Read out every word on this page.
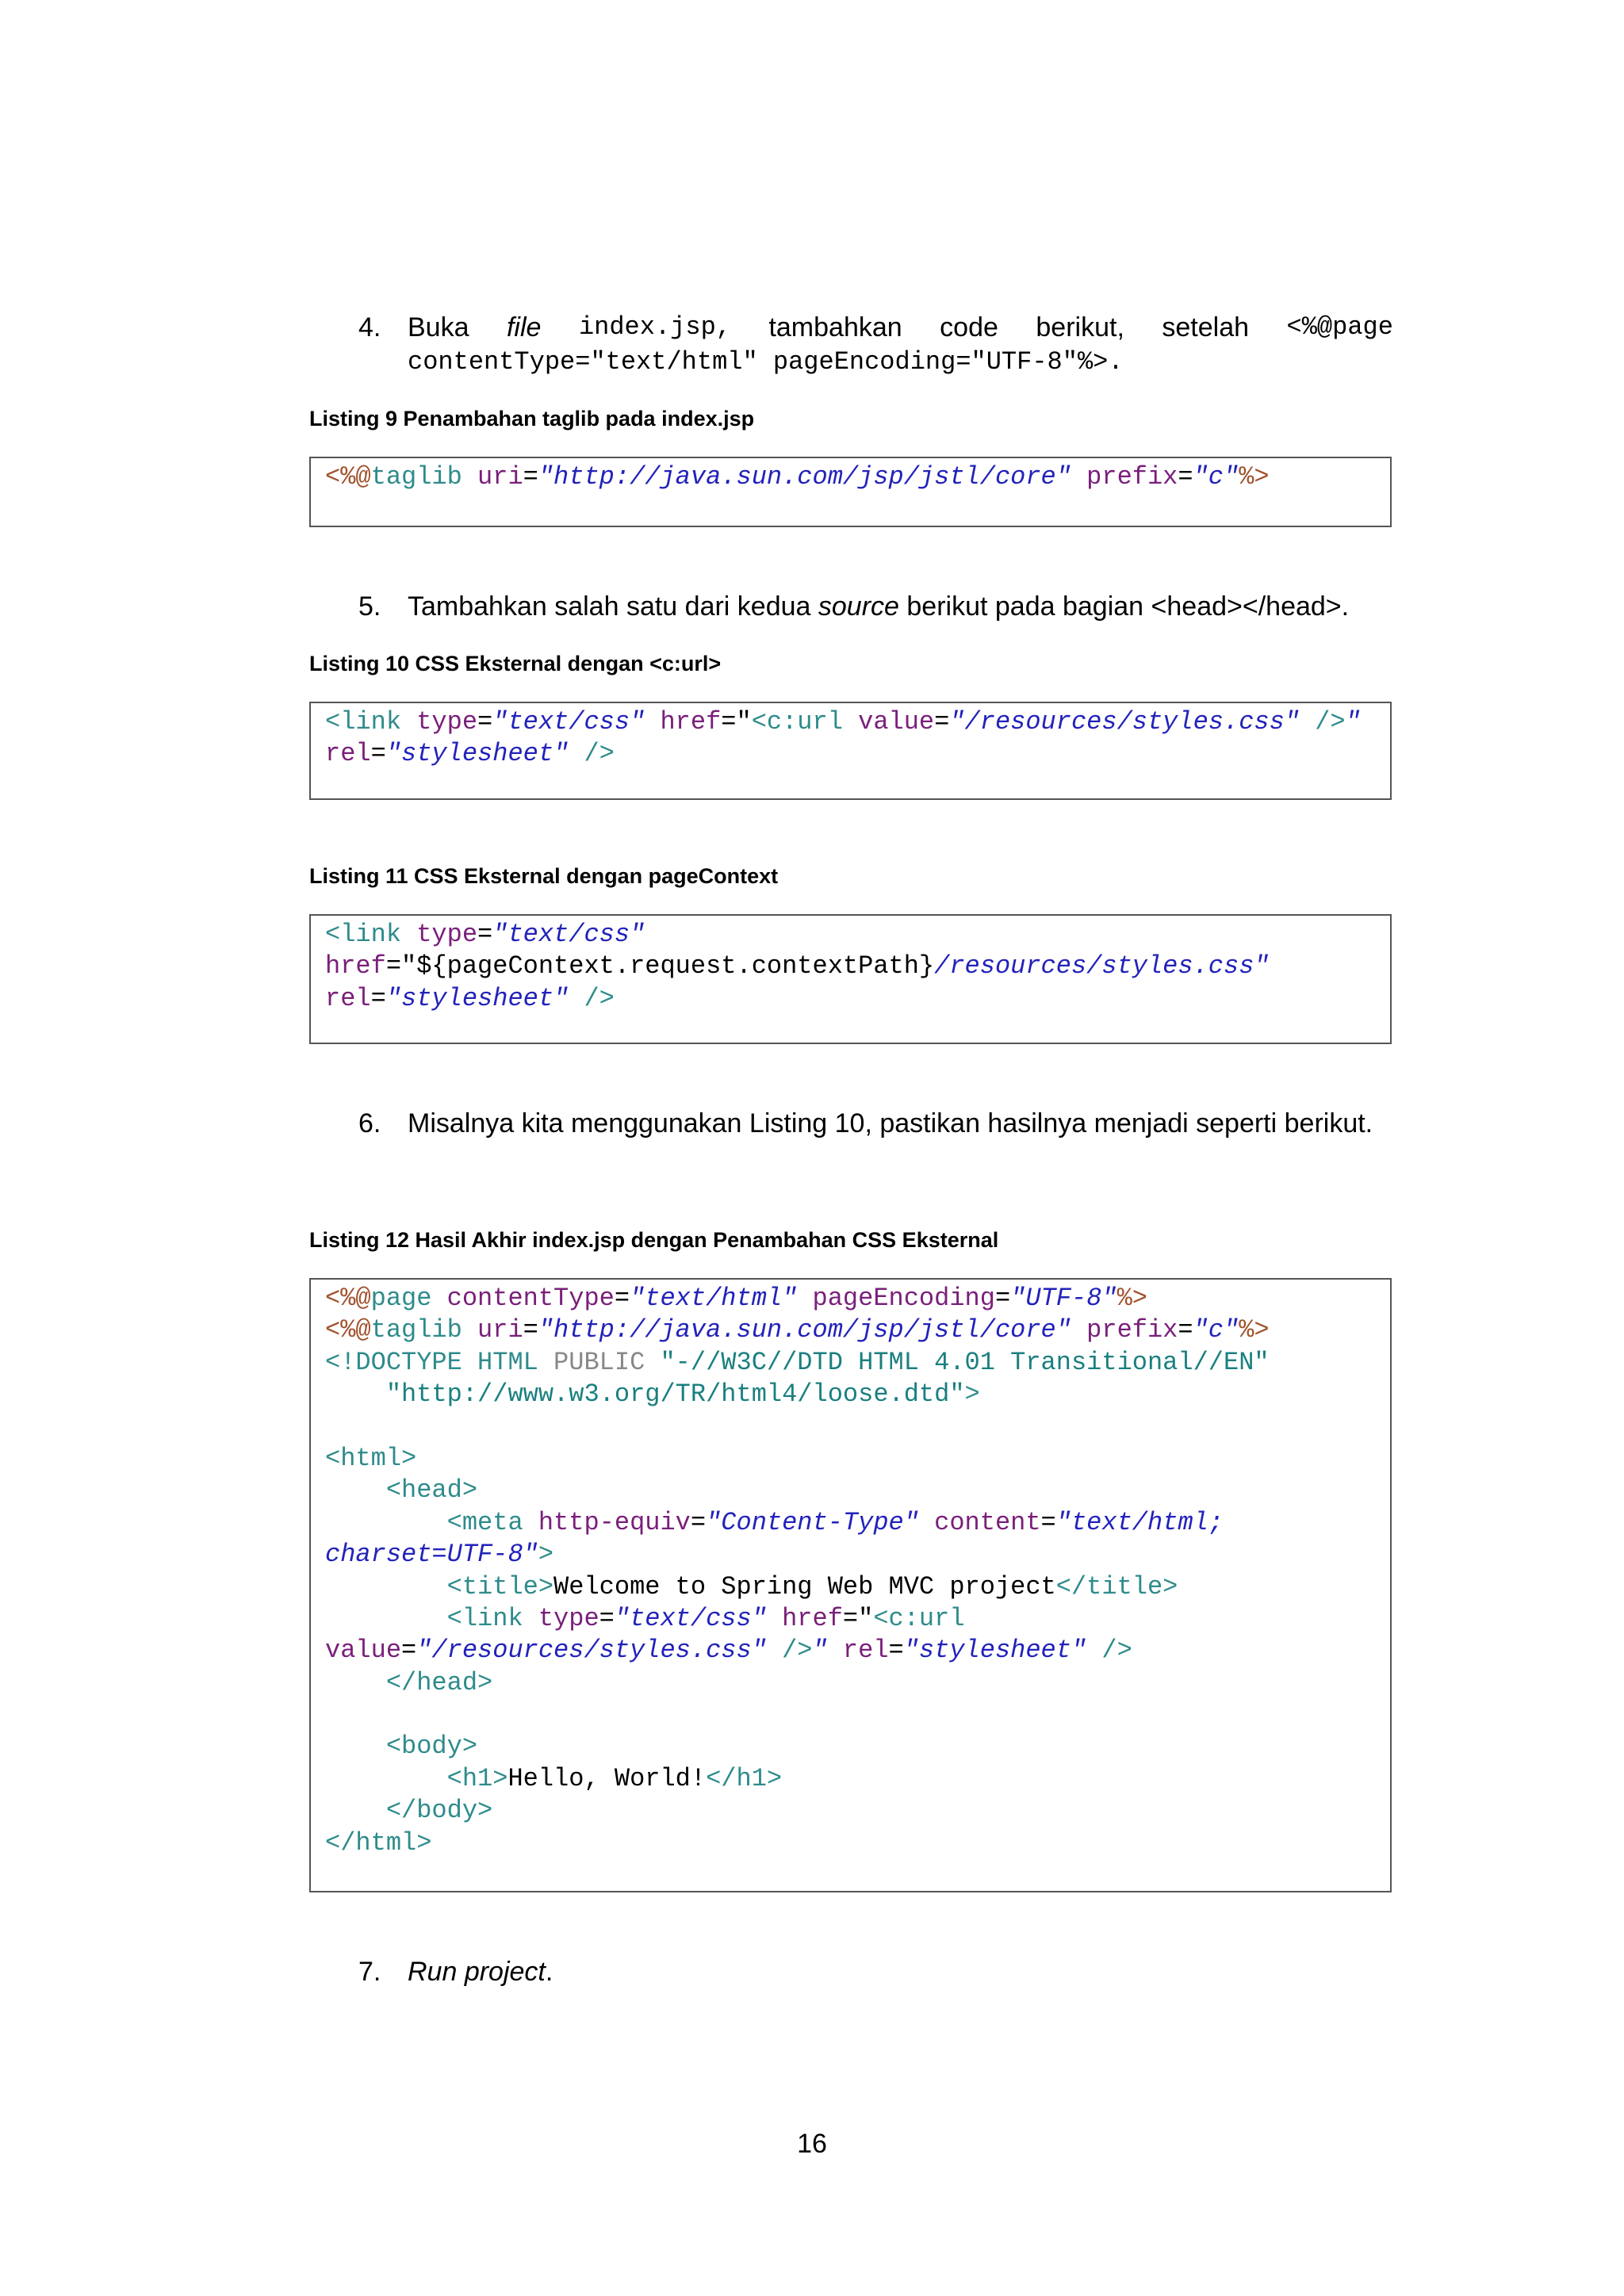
4. Buka file index.jsp, tambahkan code berikut, setelah <%@page
contentType="text/html" pageEncoding="UTF-8"%>.
Listing 9 Penambahan taglib pada index.jsp
<%@taglib uri="http://java.sun.com/jsp/jstl/core" prefix="c"%>
5. Tambahkan salah satu dari kedua source berikut pada bagian <head></head>.
Listing 10 CSS Eksternal dengan <c:url>
<link type="text/css" href="<c:url value="/resources/styles.css" />"
rel="stylesheet" />
Listing 11 CSS Eksternal dengan pageContext
<link type="text/css"
href="${pageContext.request.contextPath}/resources/styles.css"
rel="stylesheet" />
6. Misalnya kita menggunakan Listing 10, pastikan hasilnya menjadi seperti berikut.
Listing 12 Hasil Akhir index.jsp dengan Penambahan CSS Eksternal
<%@page contentType="text/html" pageEncoding="UTF-8"%>
<%@taglib uri="http://java.sun.com/jsp/jstl/core" prefix="c"%>
<!DOCTYPE HTML PUBLIC "-//W3C//DTD HTML 4.01 Transitional//EN"
"http://www.w3.org/TR/html4/loose.dtd">
<html>
<head>
<meta http-equiv="Content-Type" content="text/html;
charset=UTF-8">
<title>Welcome to Spring Web MVC project</title>
<link type="text/css" href="<c:url
value="/resources/styles.css" />" rel="stylesheet" />
</head>
<body>
<h1>Hello, World!</h1>
</body>
</html>
7. Run project.
16
